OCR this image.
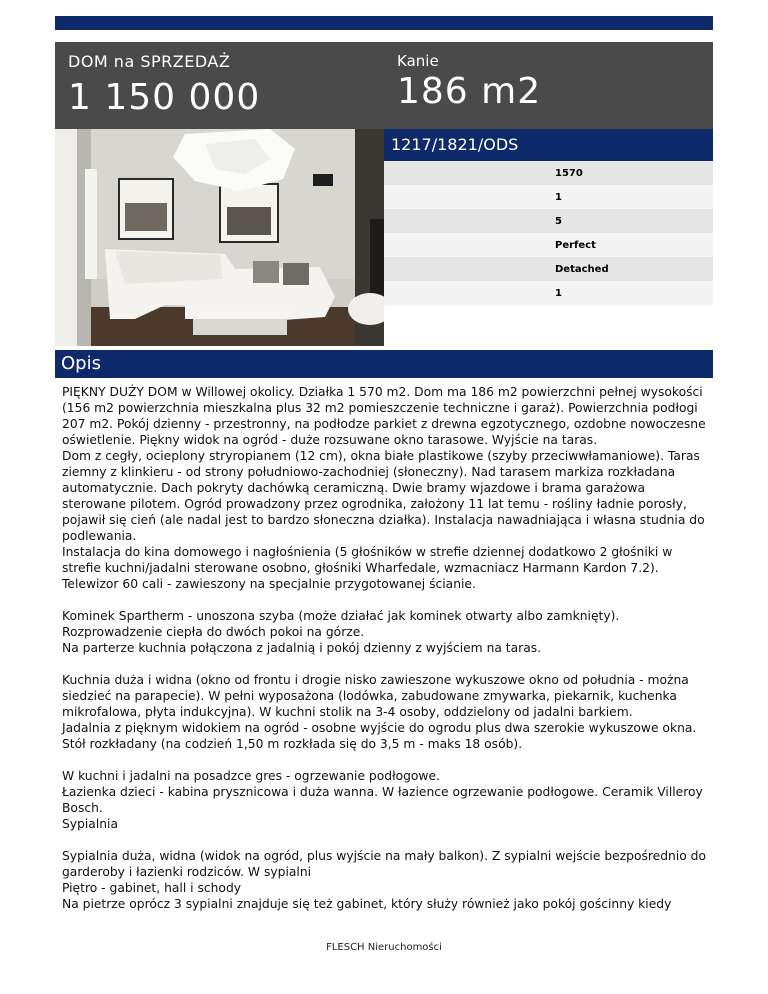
DOM na SPRZEDAŻ
1 150 000
Kanie
186 m2
1217/1821/ODS
1570
1
5
Perfect
Detached
1
Opis

PIĘKNY DUŻY DOM w Willowej okolicy. Działka 1 570 m2. Dom ma 186 m2 powierzchni pełnej wysokości (156 m2 powierzchnia mieszkalna plus 32 m2 pomieszczenie techniczne i garaż). Powierzchnia podłogi 207 m2. Pokój dzienny - przestronny, na podłodze parkiet z drewna egzotycznego, ozdobne nowoczesne oświetlenie. Piękny widok na ogród - duże rozsuwane okno tarasowe. Wyjście na taras.
Dom z cegły, ocieplony stryropianem (12 cm), okna białe plastikowe (szyby przeciwwłamaniowe). Taras ziemny z klinkieru - od strony południowo-zachodniej (słoneczny). Nad tarasem markiza rozkładana automatycznie. Dach pokryty dachówką ceramiczną. Dwie bramy wjazdowe i brama garażowa sterowane pilotem. Ogród prowadzony przez ogrodnika, założony 11 lat temu - rośliny ładnie porosły, pojawił się cień (ale nadal jest to bardzo słoneczna działka). Instalacja nawadniająca i własna studnia do podlewania.
Instalacja do kina domowego i nagłośnienia (5 głośników w strefie dziennej dodatkowo 2 głośniki w strefie kuchni/jadalni sterowane osobno, głośniki Wharfedale, wzmacniacz Harmann Kardon 7.2). Telewizor 60 cali - zawieszony na specjalnie przygotowanej ścianie.

Kominek Spartherm - unoszona szyba (może działać jak kominek otwarty albo zamknięty). Rozprowadzenie ciepła do dwóch pokoi na górze.
Na parterze kuchnia połączona z jadalnią i pokój dzienny z wyjściem na taras.

Kuchnia duża i widna (okno od frontu i drogie nisko zawieszone wykuszowe okno od południa - można siedzieć na parapecie). W pełni wyposażona (lodówka, zabudowane zmywarka, piekarnik, kuchenka mikrofalowa, płyta indukcyjna). W kuchni stolik na 3-4 osoby, oddzielony od jadalni barkiem.
Jadalnia z pięknym widokiem na ogród - osobne wyjście do ogrodu plus dwa szerokie wykuszowe okna. Stół rozkładany (na codzień 1,50 m rozkłada się do 3,5 m - maks 18 osób).

W kuchni i jadalni na posadzce gres - ogrzewanie podłogowe.
Łazienka dzieci - kabina prysznicowa i duża wanna. W łazience ogrzewanie podłogowe. Ceramik Villeroy Bosch.
Sypialnia

Sypialnia duża, widna (widok na ogród, plus wyjście na mały balkon). Z sypialni wejście bezpośrednio do garderoby i łazienki rodziców. W sypialni
Piętro - gabinet, hall i schody
Na pietrze oprócz 3 sypialni znajduje się też gabinet, który służy również jako pokój gościnny kiedy

FLESCH Nieruchomości
